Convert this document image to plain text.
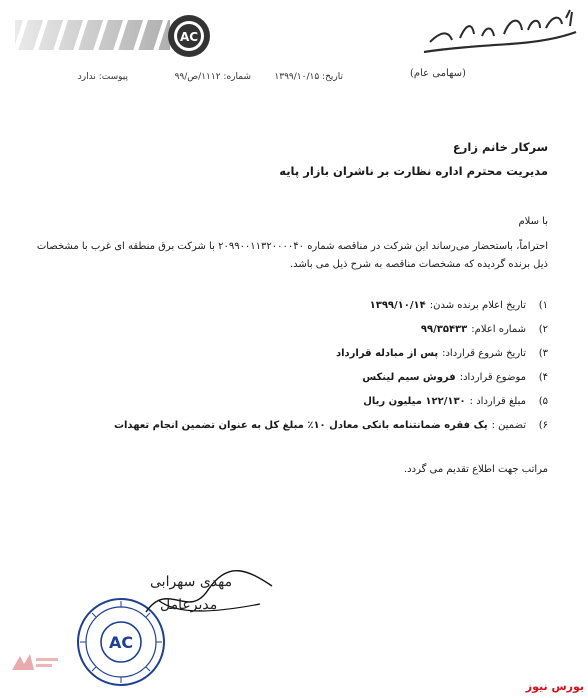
AC
(سهامی عام)
تاریخ: ۱۳۹۹/۱۰/۱۵
شماره: ۱۱۱۲/ص/۹۹
پیوست: ندارد
سرکار خانم زارع
مدیریت محترم اداره نظارت بر ناشران بازار پایه
با سلام
احتراماً، باستحضار می‌رساند این شرکت در مناقصه شماره ۲۰۹۹۰۰۱۱۳۲۰۰۰۰۴۰ با شرکت برق منطقه ای غرب با مشخصات ذیل برنده گردیده که مشخصات مناقصه به شرح ذیل می باشد.
۱)
تاریخ اعلام برنده شدن:
۱۳۹۹/۱۰/۱۴
۲)
شماره اعلام:
۹۹/۳۵۴۳۳
۳)
تاریخ شروع قرارداد:
پس از مبادله قرارداد
۴)
موضوع قرارداد:
فروش سیم لینکس
۵)
مبلغ قرارداد :
۱۲۲/۱۳۰ میلیون ریال
۶)
تضمین :
یک فقره ضمانتنامه بانکی معادل ۱۰٪ مبلغ کل به عنوان تضمین انجام تعهدات
مراتب جهت اطلاع تقدیم می گردد.
AC
مهدی سهرابی
مدیرعامل
بورس نیوز
